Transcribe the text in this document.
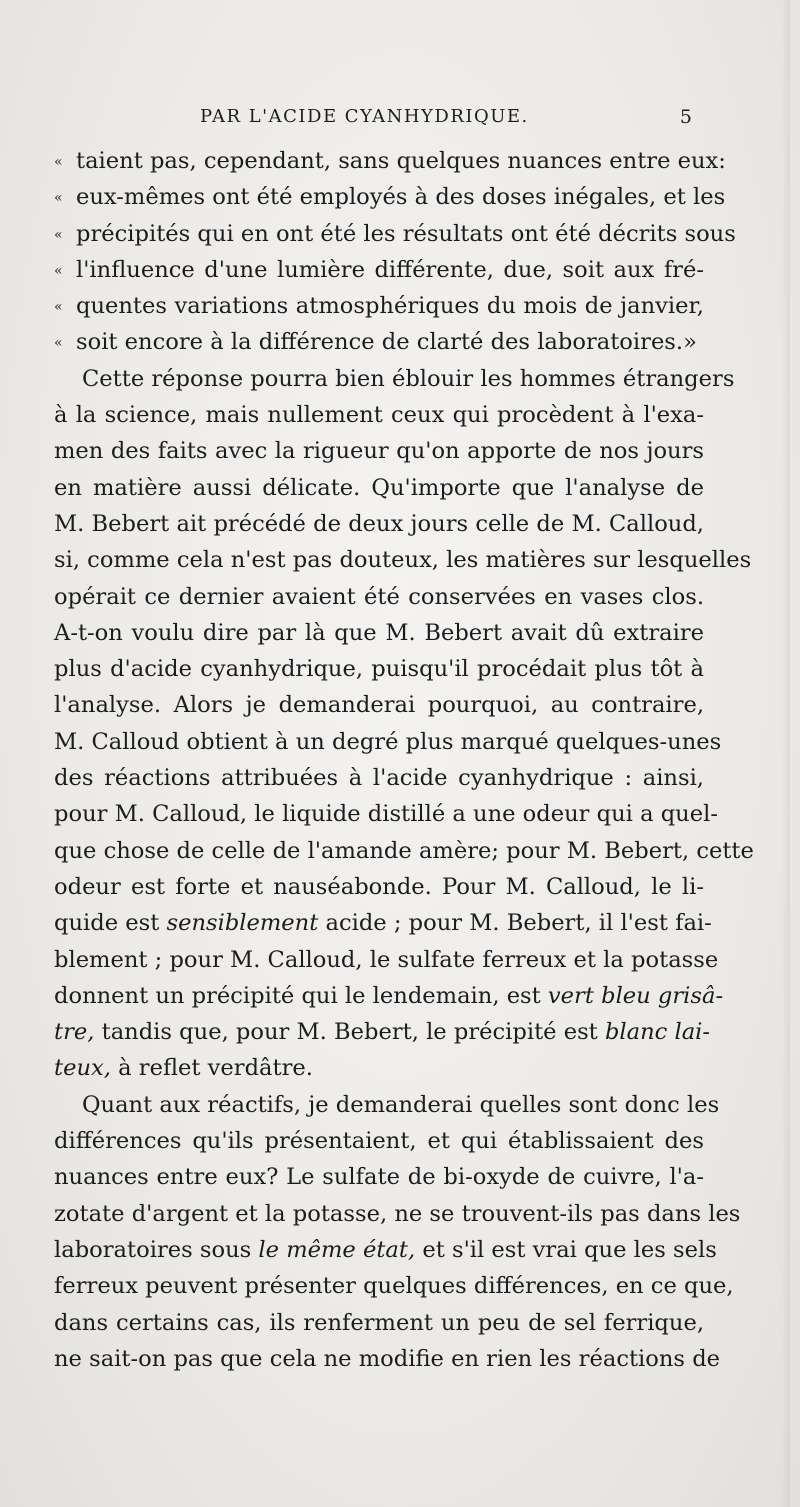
PAR L'ACIDE CYANHYDRIQUE.	5
« taient pas, cependant, sans quelques nuances entre eux:
« eux-mêmes ont été employés à des doses inégales, et les
« précipités qui en ont été les résultats ont été décrits sous
« l'influence d'une lumière différente, due, soit aux fré-
« quentes variations atmosphériques du mois de janvier,
« soit encore à la différence de clarté des laboratoires.»
Cette réponse pourra bien éblouir les hommes étrangers
à la science, mais nullement ceux qui procèdent à l'exa-
men des faits avec la rigueur qu'on apporte de nos jours
en matière aussi délicate. Qu'importe que l'analyse de
M. Bebert ait précédé de deux jours celle de M. Calloud,
si, comme cela n'est pas douteux, les matières sur lesquelles
opérait ce dernier avaient été conservées en vases clos.
A-t-on voulu dire par là que M. Bebert avait dû extraire
plus d'acide cyanhydrique, puisqu'il procédait plus tôt à
l'analyse. Alors je demanderai pourquoi, au contraire,
M. Calloud obtient à un degré plus marqué quelques-unes
des réactions attribuées à l'acide cyanhydrique : ainsi,
pour M. Calloud, le liquide distillé a une odeur qui a quel-
que chose de celle de l'amande amère; pour M. Bebert, cette
odeur est forte et nauséabonde. Pour M. Calloud, le li-
quide est sensiblement acide ; pour M. Bebert, il l'est fai-
blement ; pour M. Calloud, le sulfate ferreux et la potasse
donnent un précipité qui le lendemain, est vert bleu grisâ-
tre, tandis que, pour M. Bebert, le précipité est blanc lai-
teux, à reflet verdâtre.
Quant aux réactifs, je demanderai quelles sont donc les
différences qu'ils présentaient, et qui établissaient des
nuances entre eux? Le sulfate de bi-oxyde de cuivre, l'a-
zotate d'argent et la potasse, ne se trouvent-ils pas dans les
laboratoires sous le même état, et s'il est vrai que les sels
ferreux peuvent présenter quelques différences, en ce que,
dans certains cas, ils renferment un peu de sel ferrique,
ne sait-on pas que cela ne modifie en rien les réactions de
